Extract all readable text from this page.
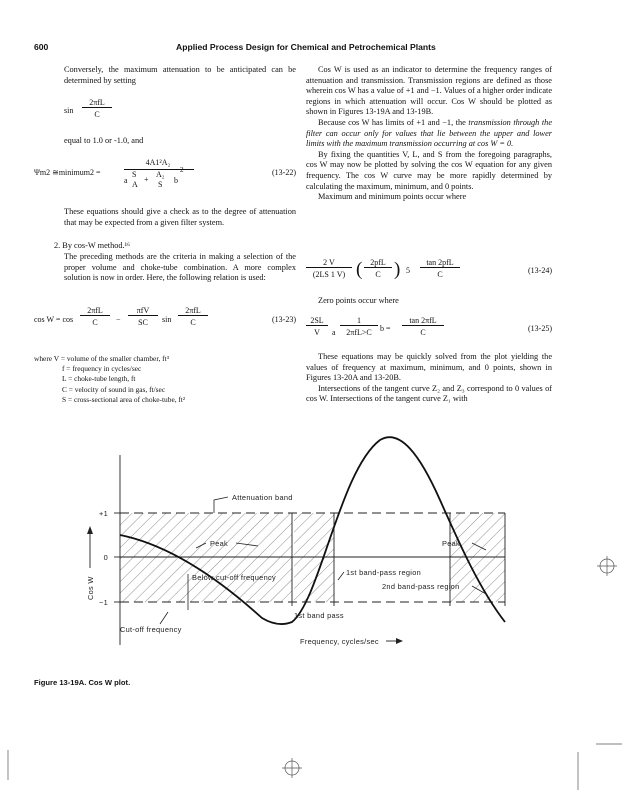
600	Applied Process Design for Chemical and Petrochemical Plants

Conversely, the maximum attenuation to be anticipated can be determined by setting

sin
2πfL
C
equal to 1.0 or -1.0, and
Ψm2 ≅minimum2 =
4A1²A₂
S
a A
+
A₂
S b
2	(13-22)

These equations should give a check as to the degree of attenuation that may be expected from a given filter system.

2. By cos-W method.¹⁶

The preceding methods are the criteria in making a selection of the proper volume and choke-tube combination. A more complex solution is now in order. Here, the following relation is used:

cos W = cos
2πfL
C	−
πfV
SC	sin
2πfL
C	(13-23)
where V = volume of the smaller chamber, ft³
f = frequency in cycles/sec
L = choke-tube length, ft
C = velocity of sound in gas, ft/sec
S = cross-sectional area of choke-tube, ft²

Cos W is used as an indicator to determine the frequency ranges of attenuation and transmission. Transmission regions are defined as those wherein cos W has a value of +1 and −1. Values of a higher order indicate regions in which attenuation will occur. Cos W should be plotted as shown in Figures 13-19A and 13-19B.

Because cos W has limits of +1 and −1, the transmission through the filter can occur only for values that lie between the upper and lower limits with the maximum transmission occurring at cos W = 0.

By fixing the quantities V, L, and S from the foregoing paragraphs, cos W may now be plotted by solving the cos W equation for any given frequency. The cos W curve may be more rapidly determined by calculating the maximum, minimum, and 0 points.

Maximum and minimum points occur where

2 V
(2LS 1 V) ( 2pfL
C ) 5
tan 2pfL
C	(13-24)
Zero points occur where
2SL
V	a
1
2πfL>C	b =
tan 2πfL
C	(13-25)

These equations may be quickly solved from the plot yielding the values of frequency at maximum, minimum, and 0 points, shown in Figures 13-20A and 13-20B.

Intersections of the tangent curve Z₂ and Z₃ correspond to 0 values of cos W. Intersections of the tangent curve Z₁ with

+1
0
−1
Cos W
Attenuation band
Peak	Peak
Below cut-off frequency
1st band-pass region
2nd band-pass region
1st band pass
Cut-off frequency
Frequency, cycles/sec
Figure 13-19A. Cos W plot.
